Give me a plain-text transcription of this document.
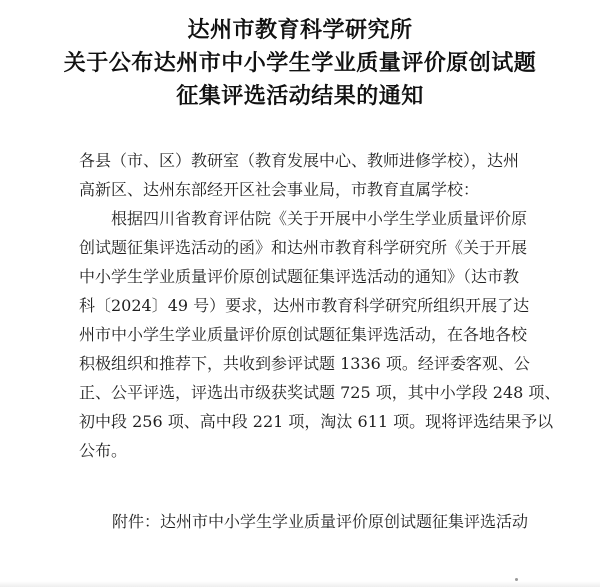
达州市教育科学研究所
关于公布达州市中小学生学业质量评价原创试题
征集评选活动结果的通知
各县（市、区）教研室（教育发展中心、教师进修学校），达州
高新区、达州东部经开区社会事业局，市教育直属学校：
根据四川省教育评估院《关于开展中小学生学业质量评价原
创试题征集评选活动的函》和达州市教育科学研究所《关于开展
中小学生学业质量评价原创试题征集评选活动的通知》（达市教
科〔2024〕49 号）要求，达州市教育科学研究所组织开展了达
州市中小学生学业质量评价原创试题征集评选活动，在各地各校
积极组织和推荐下，共收到参评试题 1336 项。经评委客观、公
正、公平评选，评选出市级获奖试题 725 项，其中小学段 248 项、
初中段 256 项、高中段 221 项，淘汰 611 项。现将评选结果予以
公布。
附件：达州市中小学生学业质量评价原创试题征集评选活动
